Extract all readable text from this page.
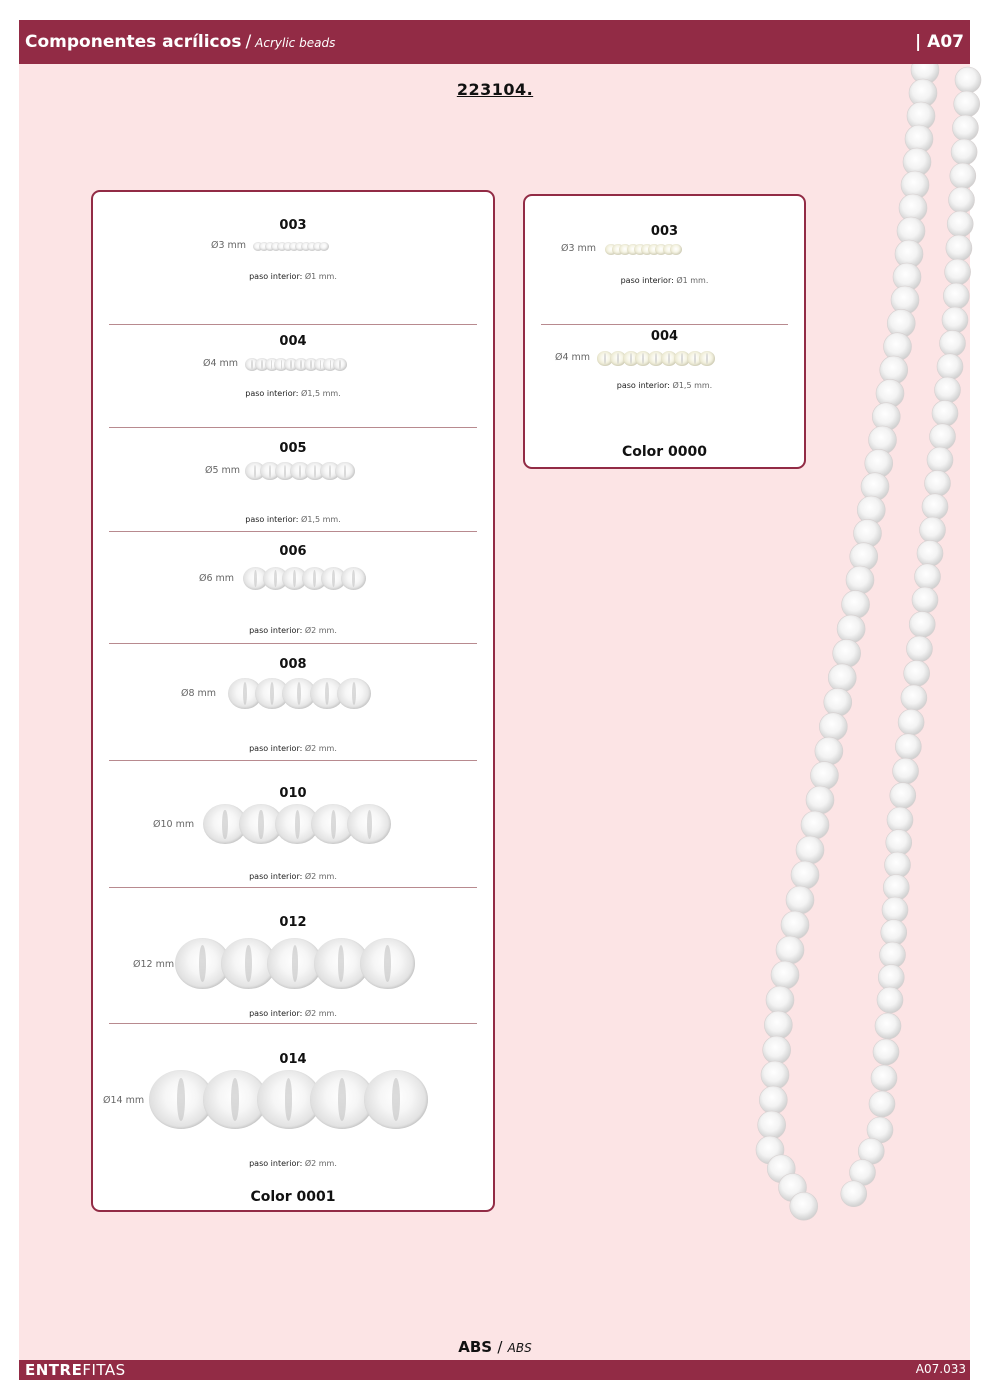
Componentes acrílicos / Acrylic beads	| A07
223104.
Color 0001
003
Ø3 mm
paso interior: Ø1 mm.
004
Ø4 mm
paso interior: Ø1,5 mm.
005
Ø5 mm
paso interior: Ø1,5 mm.
006
Ø6 mm
paso interior: Ø2 mm.
008
Ø8 mm
paso interior: Ø2 mm.
010
Ø10 mm
paso interior: Ø2 mm.
012
Ø12 mm
paso interior: Ø2 mm.
014
Ø14 mm
paso interior: Ø2 mm.
Color 0000
003
Ø3 mm
paso interior: Ø1 mm.
004
Ø4 mm
paso interior: Ø1,5 mm.
ABS / ABS
ENTREFITAS	A07.033
